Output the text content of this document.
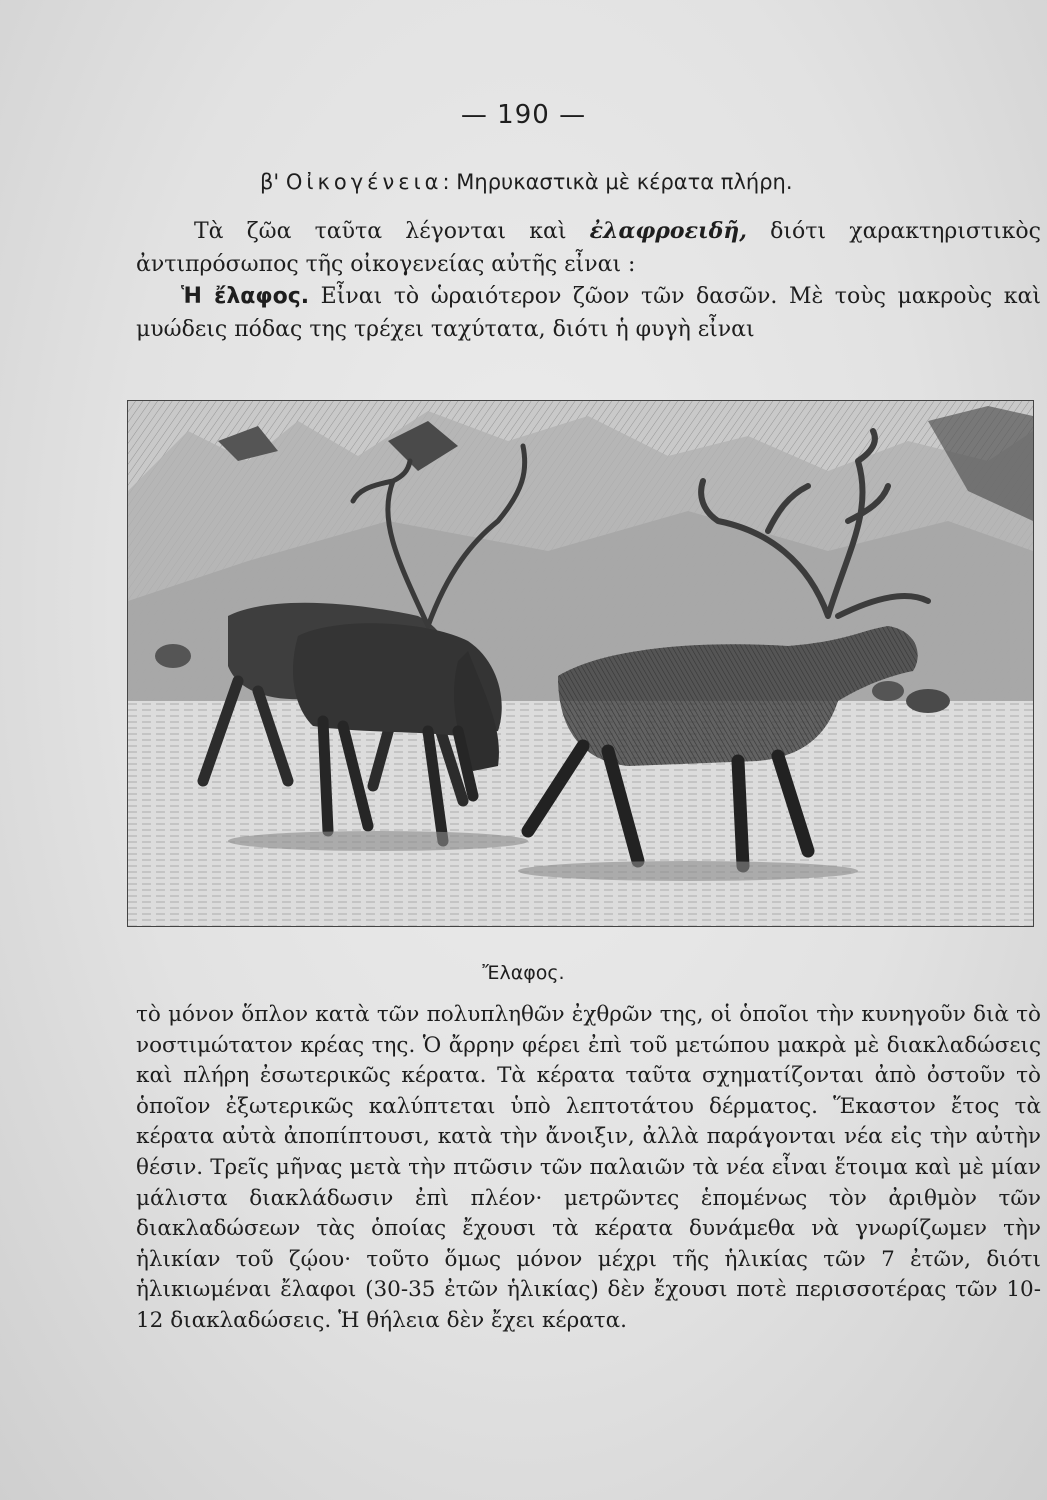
— 190 —
β' Οἰκογένεια: Μηρυκαστικὰ μὲ κέρατα πλήρη.
Τὰ ζῶα ταῦτα λέγονται καὶ ἐλαφροειδῆ, διότι χαρακτηριστικὸς ἀντιπρόσωπος τῆς οἰκογενείας αὐτῆς εἶναι :
Ἡ ἔλαφος. Εἶναι τὸ ὡραιότερον ζῶον τῶν δασῶν. Μὲ τοὺς μακροὺς καὶ μυώδεις πόδας της τρέχει ταχύτατα, διότι ἡ φυγὴ εἶναι
Ἔλαφος.
τὸ μόνον ὅπλον κατὰ τῶν πολυπληθῶν ἐχθρῶν της, οἱ ὁποῖοι τὴν κυνηγοῦν διὰ τὸ νοστιμώτατον κρέας της. Ὁ ἄρρην φέρει ἐπὶ τοῦ μετώπου μακρὰ μὲ διακλαδώσεις καὶ πλήρη ἐσωτερικῶς κέρατα. Τὰ κέρατα ταῦτα σχηματίζονται ἀπὸ ὀστοῦν τὸ ὁποῖον ἐξωτερικῶς καλύπτεται ὑπὸ λεπτοτάτου δέρματος. Ἕκαστον ἔτος τὰ κέρατα αὐτὰ ἀποπίπτουσι, κατὰ τὴν ἄνοιξιν, ἀλλὰ παράγονται νέα εἰς τὴν αὐτὴν θέσιν. Τρεῖς μῆνας μετὰ τὴν πτῶσιν τῶν παλαιῶν τὰ νέα εἶναι ἕτοιμα καὶ μὲ μίαν μάλιστα διακλάδωσιν ἐπὶ πλέον· μετρῶντες ἑπομένως τὸν ἀριθμὸν τῶν διακλαδώσεων τὰς ὁποίας ἔχουσι τὰ κέρατα δυνάμεθα νὰ γνωρίζωμεν τὴν ἡλικίαν τοῦ ζῴου· τοῦτο ὅμως μόνον μέχρι τῆς ἡλικίας τῶν 7 ἐτῶν, διότι ἡλικιωμέναι ἔλαφοι (30-35 ἐτῶν ἡλικίας) δὲν ἔχουσι ποτὲ περισσοτέρας τῶν 10-12 διακλαδώσεις. Ἡ θήλεια δὲν ἔχει κέρατα.
